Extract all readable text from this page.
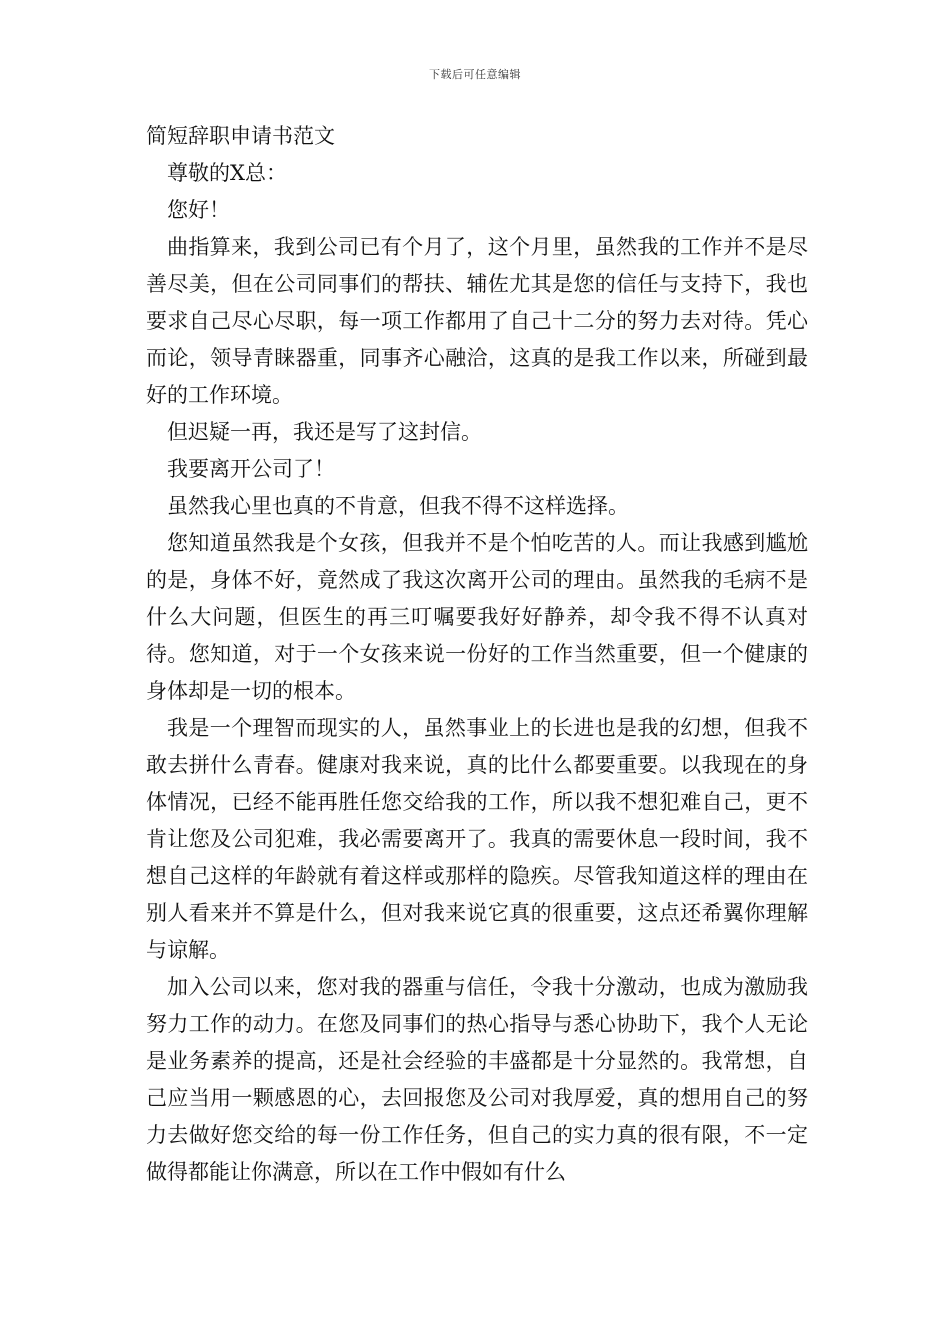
下载后可任意编辑
简短辞职申请书范文

尊敬的X总：

您好！

曲指算来，我到公司已有个月了，这个月里，虽然我的工作并不是尽善尽美，但在公司同事们的帮扶、辅佐尤其是您的信任与支持下，我也要求自己尽心尽职，每一项工作都用了自己十二分的努力去对待。凭心而论，领导青睐器重，同事齐心融洽，这真的是我工作以来，所碰到最好的工作环境。

但迟疑一再，我还是写了这封信。

我要离开公司了！

虽然我心里也真的不肯意，但我不得不这样选择。

您知道虽然我是个女孩，但我并不是个怕吃苦的人。而让我感到尴尬的是，身体不好，竟然成了我这次离开公司的理由。虽然我的毛病不是什么大问题，但医生的再三叮嘱要我好好静养，却令我不得不认真对待。您知道，对于一个女孩来说一份好的工作当然重要，但一个健康的身体却是一切的根本。

我是一个理智而现实的人，虽然事业上的长进也是我的幻想，但我不敢去拼什么青春。健康对我来说，真的比什么都要重要。以我现在的身体情况，已经不能再胜任您交给我的工作，所以我不想犯难自己，更不肯让您及公司犯难，我必需要离开了。我真的需要休息一段时间，我不想自己这样的年龄就有着这样或那样的隐疾。尽管我知道这样的理由在别人看来并不算是什么，但对我来说它真的很重要，这点还希翼你理解与谅解。

加入公司以来，您对我的器重与信任，令我十分激动，也成为激励我努力工作的动力。在您及同事们的热心指导与悉心协助下，我个人无论是业务素养的提高，还是社会经验的丰盛都是十分显然的。我常想，自己应当用一颗感恩的心，去回报您及公司对我厚爱，真的想用自己的努力去做好您交给的每一份工作任务，但自己的实力真的很有限，不一定做得都能让你满意，所以在工作中假如有什么
